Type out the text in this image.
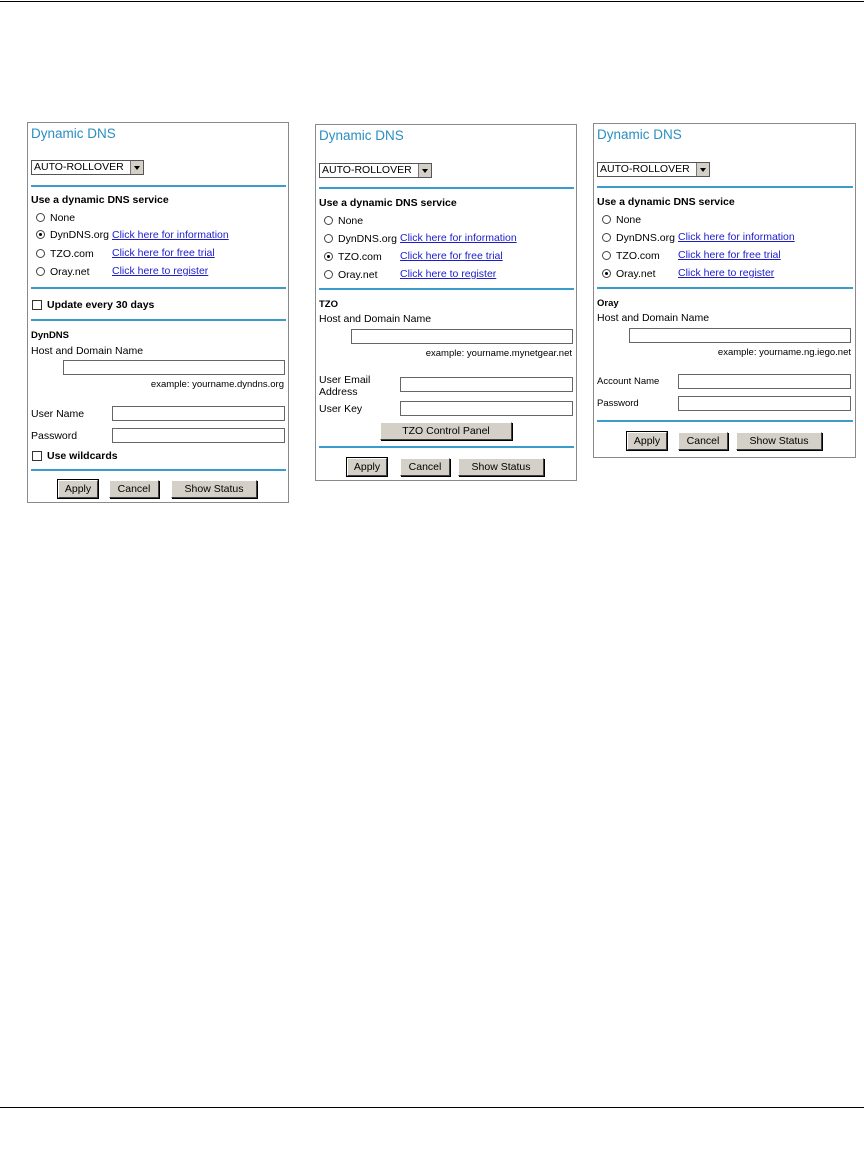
Dynamic DNS
AUTO-ROLLOVER
Use a dynamic DNS service
None
DynDNS.org Click here for information
TZO.com Click here for free trial
Oray.net Click here to register
Update every 30 days
DynDNS
Host and Domain Name
example: yourname.dyndns.org
User Name
Password
Use wildcards
Apply	Cancel	Show Status
Dynamic DNS
AUTO-ROLLOVER
Use a dynamic DNS service
None
DynDNS.org Click here for information
TZO.com Click here for free trial
Oray.net Click here to register
TZO
Host and Domain Name
example: yourname.mynetgear.net
User Email
Address
User Key
TZO Control Panel
Apply	Cancel	Show Status
Dynamic DNS
AUTO-ROLLOVER
Use a dynamic DNS service
None
DynDNS.org Click here for information
TZO.com Click here for free trial
Oray.net Click here to register
Oray
Host and Domain Name
example: yourname.ng.iego.net
Account Name
Password
Apply	Cancel	Show Status
